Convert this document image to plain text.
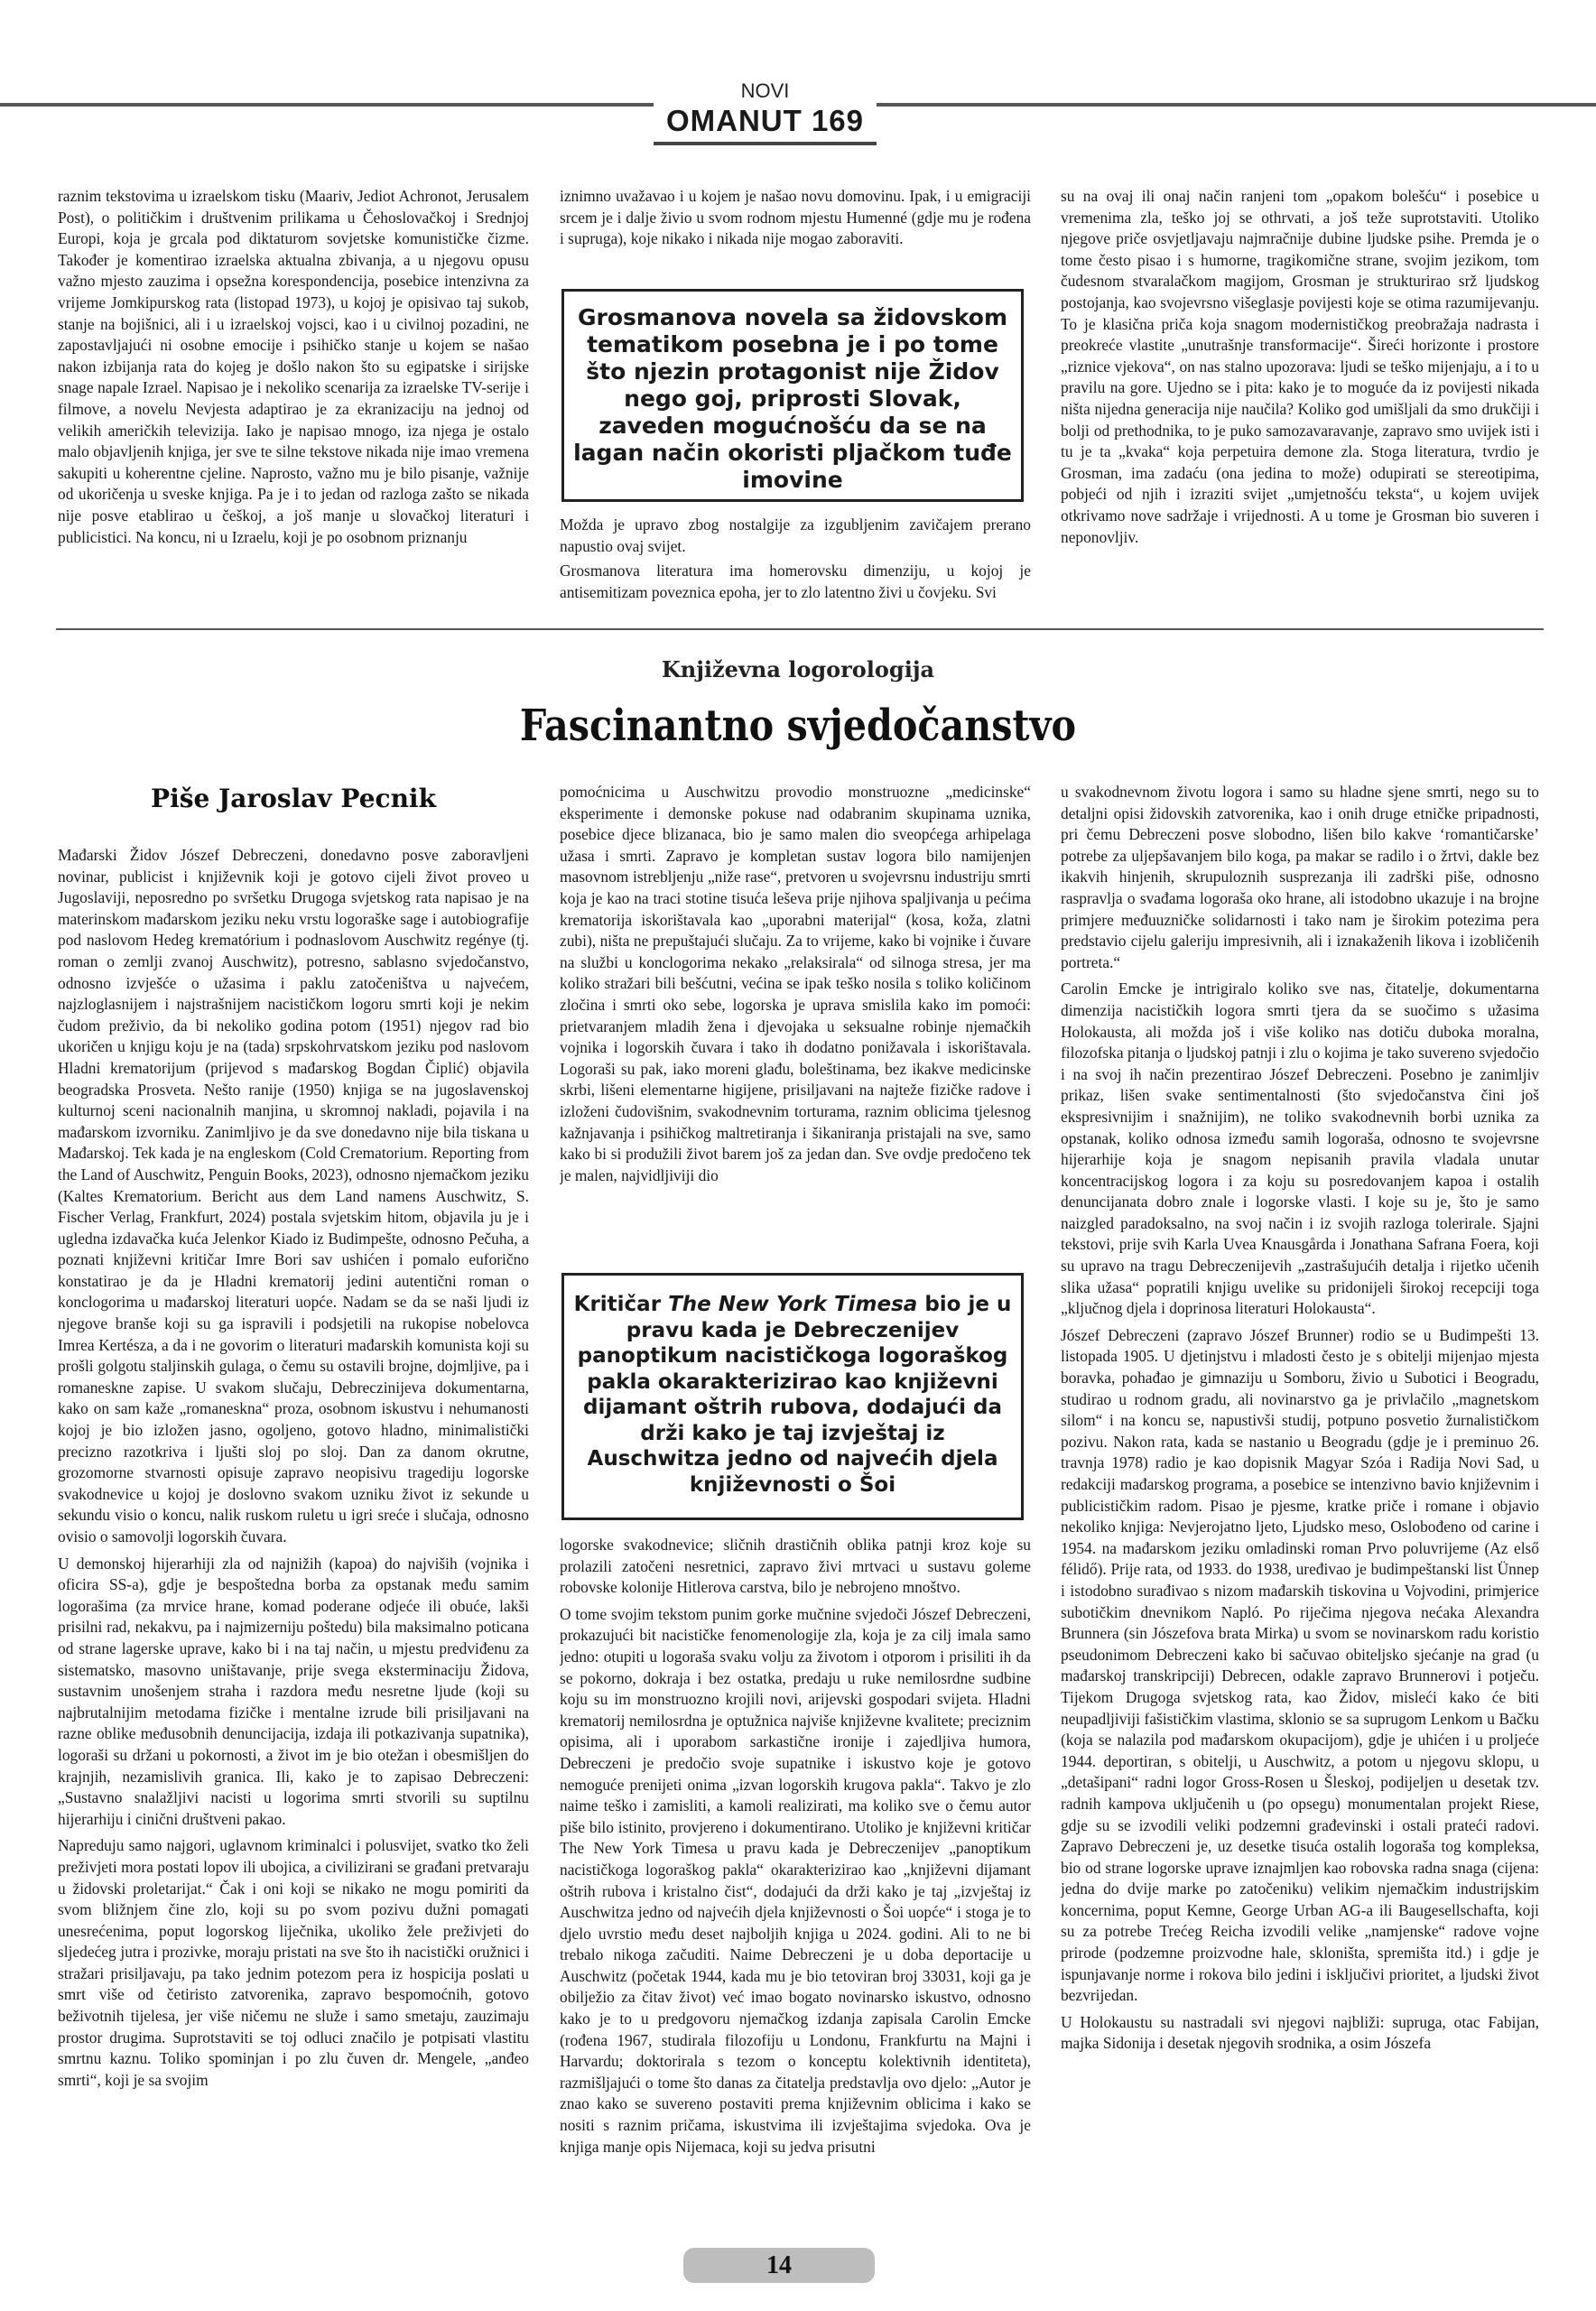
NOVI
OMANUT 169

raznim tekstovima u izraelskom tisku (Maariv, Jediot Achronot, Jerusalem Post), o političkim i društvenim prilikama u Čehoslovačkoj i Srednjoj Europi, koja je grcala pod diktaturom sovjetske komunističke čizme. Također je komentirao izraelska aktualna zbivanja, a u njegovu opusu važno mjesto zauzima i opsežna korespondencija, posebice intenzivna za vrijeme Jomkipurskog rata (listopad 1973), u kojoj je opisivao taj sukob, stanje na bojišnici, ali i u izraelskoj vojsci, kao i u civilnoj pozadini, ne zapostavljajući ni osobne emocije i psihičko stanje u kojem se našao nakon izbijanja rata do kojeg je došlo nakon što su egipatske i sirijske snage napale Izrael. Napisao je i nekoliko scenarija za izraelske TV-serije i filmove, a novelu Nevjesta adaptirao je za ekranizaciju na jednoj od velikih američkih televizija. Iako je napisao mnogo, iza njega je ostalo malo objavljenih knjiga, jer sve te silne tekstove nikada nije imao vremena sakupiti u koherentne cjeline. Naprosto, važno mu je bilo pisanje, važnije od ukoričenja u sveske knjiga. Pa je i to jedan od razloga zašto se nikada nije posve etablirao u češkoj, a još manje u slovačkoj literaturi i publicistici. Na koncu, ni u Izraelu, koji je po osobnom priznanju

iznimno uvažavao i u kojem je našao novu domovinu. Ipak, i u emigraciji srcem je i dalje živio u svom rodnom mjestu Humenné (gdje mu je rođena i supruga), koje nikako i nikada nije mogao zaboraviti.

Grosmanova novela sa židovskom tematikom posebna je i po tome što njezin protagonist nije Židov nego goj, priprosti Slovak, zaveden mogućnošću da se na lagan način okoristi pljačkom tuđe imovine

Možda je upravo zbog nostalgije za izgubljenim zavičajem prerano napustio ovaj svijet.

Grosmanova literatura ima homerovsku dimenziju, u kojoj je antisemitizam poveznica epoha, jer to zlo latentno živi u čovjeku. Svi

su na ovaj ili onaj način ranjeni tom „opakom bolešću“ i posebice u vremenima zla, teško joj se othrvati, a još teže suprotstaviti. Utoliko njegove priče osvjetljavaju najmračnije dubine ljudske psihe. Premda je o tome često pisao i s humorne, tragikomične strane, svojim jezikom, tom čudesnom stvaralačkom magijom, Grosman je strukturirao srž ljudskog postojanja, kao svojevrsno višeglasje povijesti koje se otima razumijevanju. To je klasična priča koja snagom modernističkog preobražaja nadrasta i preokreće vlastite „unutrašnje transformacije“. Šireći horizonte i prostore „riznice vjekova“, on nas stalno upozorava: ljudi se teško mijenjaju, a i to u pravilu na gore. Ujedno se i pita: kako je to moguće da iz povijesti nikada ništa nijedna generacija nije naučila? Koliko god umišljali da smo drukčiji i bolji od prethodnika, to je puko samozavaravanje, zapravo smo uvijek isti i tu je ta „kvaka“ koja perpetuira demone zla. Stoga literatura, tvrdio je Grosman, ima zadaću (ona jedina to može) odupirati se stereotipima, pobjeći od njih i izraziti svijet „umjetnošću teksta“, u kojem uvijek otkrivamo nove sadržaje i vrijednosti. A u tome je Grosman bio suveren i neponovljiv.

Književna logorologija
Fascinantno svjedočanstvo
Piše Jaroslav Pecnik

Mađarski Židov Jószef Debreczeni, donedavno posve zaboravljeni novinar, publicist i književnik koji je gotovo cijeli život proveo u Jugoslaviji, neposredno po svršetku Drugoga svjetskog rata napisao je na materinskom mađarskom jeziku neku vrstu logoraške sage i autobiografije pod naslovom Hedeg krematórium i podnaslovom Auschwitz regénye (tj. roman o zemlji zvanoj Auschwitz), potresno, sablasno svjedočanstvo, odnosno izvješće o užasima i paklu zatočeništva u najvećem, najzloglasnijem i najstrašnijem nacističkom logoru smrti koji je nekim čudom preživio, da bi nekoliko godina potom (1951) njegov rad bio ukoričen u knjigu koju je na (tada) srpskohrvatskom jeziku pod naslovom Hladni krematorijum (prijevod s mađarskog Bogdan Čiplić) objavila beogradska Prosveta. Nešto ranije (1950) knjiga se na jugoslavenskoj kulturnoj sceni nacionalnih manjina, u skromnoj nakladi, pojavila i na mađarskom izvorniku. Zanimljivo je da sve donedavno nije bila tiskana u Mađarskoj. Tek kada je na engleskom (Cold Crematorium. Reporting from the Land of Auschwitz, Penguin Books, 2023), odnosno njemačkom jeziku (Kaltes Krematorium. Bericht aus dem Land namens Auschwitz, S. Fischer Verlag, Frankfurt, 2024) postala svjetskim hitom, objavila ju je i uglednа izdavačka kuća Jelenkor Kiado iz Budimpešte, odnosno Pečuha, a poznati književni kritičar Imre Bori sav ushićen i pomalo euforično konstatirao je da je Hladni krematorij jedini autentični roman o konclogorima u mađarskoj literaturi uopće. Nadam se da se naši ljudi iz njegove branše koji su ga ispravili i podsjetili na rukopise nobelovca Imrea Kertésza, a da i ne govorim o literaturi mađarskih komunista koji su prošli golgotu staljinskih gulaga, o čemu su ostavili brojne, dojmljive, pa i romaneskne zapise. U svakom slučaju, Debreczinijeva dokumentarna, kako on sam kaže „romaneskna“ proza, osobnom iskustvu i nehumanosti kojoj je bio izložen jasno, ogoljeno, gotovo hladno, minimalistički precizno razotkriva i ljušti sloj po sloj. Dan za danom okrutne, grozomorne stvarnosti opisuje zapravo neopisivu tragediju logorske svakodnevice u kojoj je doslovno svakom uzniku život iz sekunde u sekundu visio o koncu, nalik ruskom ruletu u igri sreće i slučaja, odnosno ovisio o samovolji logorskih čuvara.

U demonskoj hijerarhiji zla od najnižih (kapoa) do najviših (vojnika i oficira SS-a), gdje je bespoštedna borba za opstanak među samim logorašima (za mrvice hrane, komad poderane odjeće ili obuće, lakši prisilni rad, nekakvu, pa i najmizerniju poštedu) bila maksimalno poticana od strane lagerske uprave, kako bi i na taj način, u mjestu predviđenu za sistematsko, masovno uništavanje, prije svega eksterminaciju Židova, sustavnim unošenjem straha i razdora među nesretne ljude (koji su najbrutalnijim metodama fizičke i mentalne izrude bili prisiljavani na razne oblike međusobnih denuncijacija, izdaja ili potkazivanja supatnika), logoraši su držani u pokornosti, a život im je bio otežan i obesmišljen do krajnjih, nezamislivih granica. Ili, kako je to zapisao Debreczeni: „Sustavno snalažljivi nacisti u logorima smrti stvorili su suptilnu hijerarhiju i ciničnі društveni pakao.

Napreduju samo najgori, uglavnom kriminalci i polusvijet, svatko tko želi preživjeti mora postati lopov ili ubojica, a civilizirani se građani pretvaraju u židovski proletarijat.“ Čak i oni koji se nikako ne mogu pomiriti da svom bližnjem čine zlo, koji su po svom pozivu dužni pomagati unesrećenima, poput logorskog liječnika, ukoliko žele preživjeti do sljedećeg jutra i prozivke, moraju pristati na sve što ih nacistički oružnici i stražari prisiljavaju, pa tako jednim potezom pera iz hospicija poslati u smrt više od četiristo zatvorenika, zapravo bespomoćnih, gotovo beživotnih tijelesa, jer više ničemu ne služe i samo smetaju, zauzimaju prostor drugima. Suprotstaviti se toj odluci značilo je potpisati vlastitu smrtnu kaznu. Toliko spominjan i po zlu čuven dr. Mengele, „anđeo smrti“, koji je sa svojim

pomoćnicima u Auschwitzu provodio monstruozne „medicinske“ eksperimente i demonske pokuse nad odabranim skupinama uznika, posebice djece blizanaca, bio je samo malen dio sveopćega arhipelaga užasa i smrti. Zapravo je kompletan sustav logora bilo namijenjen masovnom istrebljenju „niže rase“, pretvoren u svojevrsnu industriju smrti koja je kao na traci stotine tisuća leševa prije njihova spaljivanja u pećima krematorija iskorištavala kao „uporabni materijal“ (kosa, koža, zlatni zubi), ništa ne prepuštajući slučaju. Za to vrijeme, kako bi vojnike i čuvare na službi u konclogorima nekako „relaksirala“ od silnoga stresa, jer ma koliko stražari bili bešćutni, većina se ipak teško nosila s toliko količinom zločina i smrti oko sebe, logorska je uprava smislila kako im pomoći: prietvaranjem mladih žena i djevojaka u seksualne robinje njemačkih vojnika i logorskih čuvara i tako ih dodatno ponižavala i iskorištavala. Logoraši su pak, iako moreni glađu, boleštinama, bez ikakve medicinske skrbi, lišeni elementarne higijene, prisiljavani na najteže fizičke radove i izloženi čudovišnim, svakodnevnim torturama, raznim oblicima tjelesnog kažnjavanja i psihičkog maltretiranja i šikaniranja pristajali na sve, samo kako bi si produžili život barem još za jedan dan. Sve ovdje predočeno tek je malen, najvidljiviji dio

Kritičar The New York Timesa bio je u pravu kada je Debreczenijev panoptikum nacističkoga logoraškog pakla okarakterizirao kao književni dijamant oštrih rubova, dodajući da drži kako je taj izvještaj iz Auschwitza jedno od najvećih djela književnosti o Šoi

logorske svakodnevice; sličnih drastičnih oblika patnji kroz koje su prolazili zatočeni nesretnici, zapravo živi mrtvaci u sustavu goleme robovske kolonije Hitlerova carstva, bilo je nebrojeno mnoštvo.

O tome svojim tekstom punim gorke mučnine svjedoči Jószef Debreczeni, prokazujući bit nacističke fenomenologije zla, koja je za cilj imala samo jedno: otupiti u logoraša svaku volju za životom i otporom i prisiliti ih da se pokorno, dokraja i bez ostatka, predaju u ruke nemilosrdne sudbine koju su im monstruozno krojili novi, arijevski gospodari svijeta. Hladni krematorij nemilosrdna je optužnica najviše književne kvalitete; preciznim opisima, ali i uporabom sarkastične ironije i zajedljiva humora, Debreczeni je predočio svoje supatnike i iskustvo koje je gotovo nemoguće prenijeti onima „izvan logorskih krugova pakla“. Takvo je zlo naime teško i zamisliti, a kamoli realizirati, ma koliko sve o čemu autor piše bilo istinito, provjereno i dokumentirano. Utoliko je književni kritičar The New York Timesa u pravu kada je Debreczenijev „panoptikum nacističkoga logoraškog pakla“ okarakterizirao kao „književni dijamant oštrih rubova i kristalno čist“, dodajući da drži kako je taj „izvještaj iz Auschwitza jedno od najvećih djela književnosti o Šoi uopće“ i stoga je to djelo uvrstio među deset najboljih knjiga u 2024. godini. Ali to ne bi trebalo nikoga začuditi. Naime Debreczeni je u doba deportacije u Auschwitz (početak 1944, kada mu je bio tetoviran broj 33031, koji ga je obilježio za čitav život) već imao bogato novinarsko iskustvo, odnosno kako je to u predgovoru njemačkog izdanja zapisala Carolin Emcke (rođena 1967, studirala filozofiju u Londonu, Frankfurtu na Majni i Harvardu; doktorirala s tezom o konceptu kolektivnih identiteta), razmišljajući o tome što danas za čitatelja predstavlja ovo djelo: „Autor je znao kako se suvereno postaviti prema književnim oblicima i kako se nositi s raznim pričama, iskustvima ili izvještajima svjedoka. Ova je knjiga manje opis Nijemaca, koji su jedva prisutni

u svakodnevnom životu logora i samo su hladne sjene smrti, nego su to detaljni opisi židovskih zatvorenika, kao i onih druge etničke pripadnosti, pri čemu Debreczeni posve slobodno, lišen bilo kakve ‘romantičarske’ potrebe za uljepšavanjem bilo koga, pa makar se radilo i o žrtvi, dakle bez ikakvih hinjenih, skrupuloznih susprezanja ili zadrški piše, odnosno raspravlja o svađama logoraša oko hrane, ali istodobno ukazuje i na brojne primjere međuuzničke solidarnosti i tako nam je širokim potezima pera predstavio cijelu galeriju impresivnih, ali i iznakaženih likova i izobličenih portreta.“

Carolin Emcke je intrigiralo koliko sve nas, čitatelje, dokumentarna dimenzija nacističkih logora smrti tjera da se suočimo s užasima Holokausta, ali možda još i više koliko nas dotiču duboka moralna, filozofska pitanja o ljudskoj patnji i zlu o kojima je tako suvereno svjedočio i na svoj ih način prezentirao Jószef Debreczeni. Posebno je zanimljiv prikaz, lišen svake sentimentalnosti (što svjedočanstva čini još ekspresivnijim i snažnijim), ne toliko svakodnevnih borbi uznika za opstanak, koliko odnosa između samih logoraša, odnosno te svojevrsne hijerarhije koja je snagom nepisanih pravila vladala unutar koncentracijskog logora i za koju su posredovanjem kapoa i ostalih denuncijanata dobro znale i logorske vlasti. I koje su je, što je samo naizgled paradoksalno, na svoj način i iz svojih razloga tolerirale. Sjajni tekstovi, prije svih Karla Uvea Knausgårda i Jonathana Safrana Foera, koji su upravo na tragu Debreczenijevih „zastrašujućih detalja i rijetko učenih slika užasa“ popratili knjigu uvelike su pridonijeli širokoj recepciji toga „ključnog djela i doprinosa literaturi Holokausta“.

Jószef Debreczeni (zapravo Jószef Brunner) rodio se u Budimpešti 13. listopada 1905. U djetinjstvu i mladosti često je s obitelji mijenjao mjesta boravka, pohađao je gimnaziju u Somboru, živio u Subotici i Beogradu, studirao u rodnom gradu, ali novinarstvo ga je privlačilo „magnetskom silom“ i na koncu se, napustivši studij, potpuno posvetio žurnalističkom pozivu. Nakon rata, kada se nastanio u Beogradu (gdje je i preminuo 26. travnja 1978) radio je kao dopisnik Magyar Szóa i Radija Novi Sad, u redakciji mađarskog programa, a posebice se intenzivno bavio književnim i publicističkim radom. Pisao je pjesme, kratke priče i romane i objavio nekoliko knjiga: Nevjerojatno ljeto, Ljudsko meso, Oslobođeno od carine i 1954. na mađarskom jeziku omladinski roman Prvo poluvrijeme (Az első félidő). Prije rata, od 1933. do 1938, uređivao je budimpeštanski list Ünnep i istodobno surađivao s nizom mađarskih tiskovina u Vojvodini, primjerice subotičkim dnevnikom Napló. Po riječima njegova nećaka Alexandra Brunnera (sin Jószefova brata Mirka) u svom se novinarskom radu koristio pseudonimom Debreczeni kako bi sačuvao obiteljsko sjećanje na grad (u mađarskoj transkripciji) Debrecen, odakle zapravo Brunnerovi i potječu. Tijekom Drugoga svjetskog rata, kao Židov, misleći kako će biti neupadljiviji fašističkim vlastima, sklonio se sa suprugom Lenkom u Bačku (koja se nalazila pod mađarskom okupacijom), gdje je uhićen i u proljeće 1944. deportiran, s obitelji, u Auschwitz, a potom u njegovu sklopu, u „detašірani“ radni logor Gross-Rosen u Šleskoj, podijeljen u desetak tzv. radnih kampova uključenih u (po opsegu) monumentalan projekt Riese, gdje su se izvodili veliki podzemni građevinski i ostali prateći radovi. Zapravo Debreczeni je, uz desetke tisuća ostalih logoraša tog kompleksa, bio od strane logorske uprave iznajmljen kao robovska radna snaga (cijena: jedna do dvije marke po zatočeniku) velikim njemačkim industrijskim koncernima, poput Kemne, George Urban AG-a ili Baugesellschafta, koji su za potrebe Trećeg Reicha izvodili velike „namjenske“ radove vojne prirode (podzemne proizvodne hale, skloništa, spremišta itd.) i gdje je ispunjavanje norme i rokova bilo jedini i isključivi prioritet, a ljudski život bezvrijedan.

U Holokaustu su nastradali svi njegovi najbliži: supruga, otac Fabijan, majka Sidonija i desetak njegovih srodnika, a osim Jószefa

14
